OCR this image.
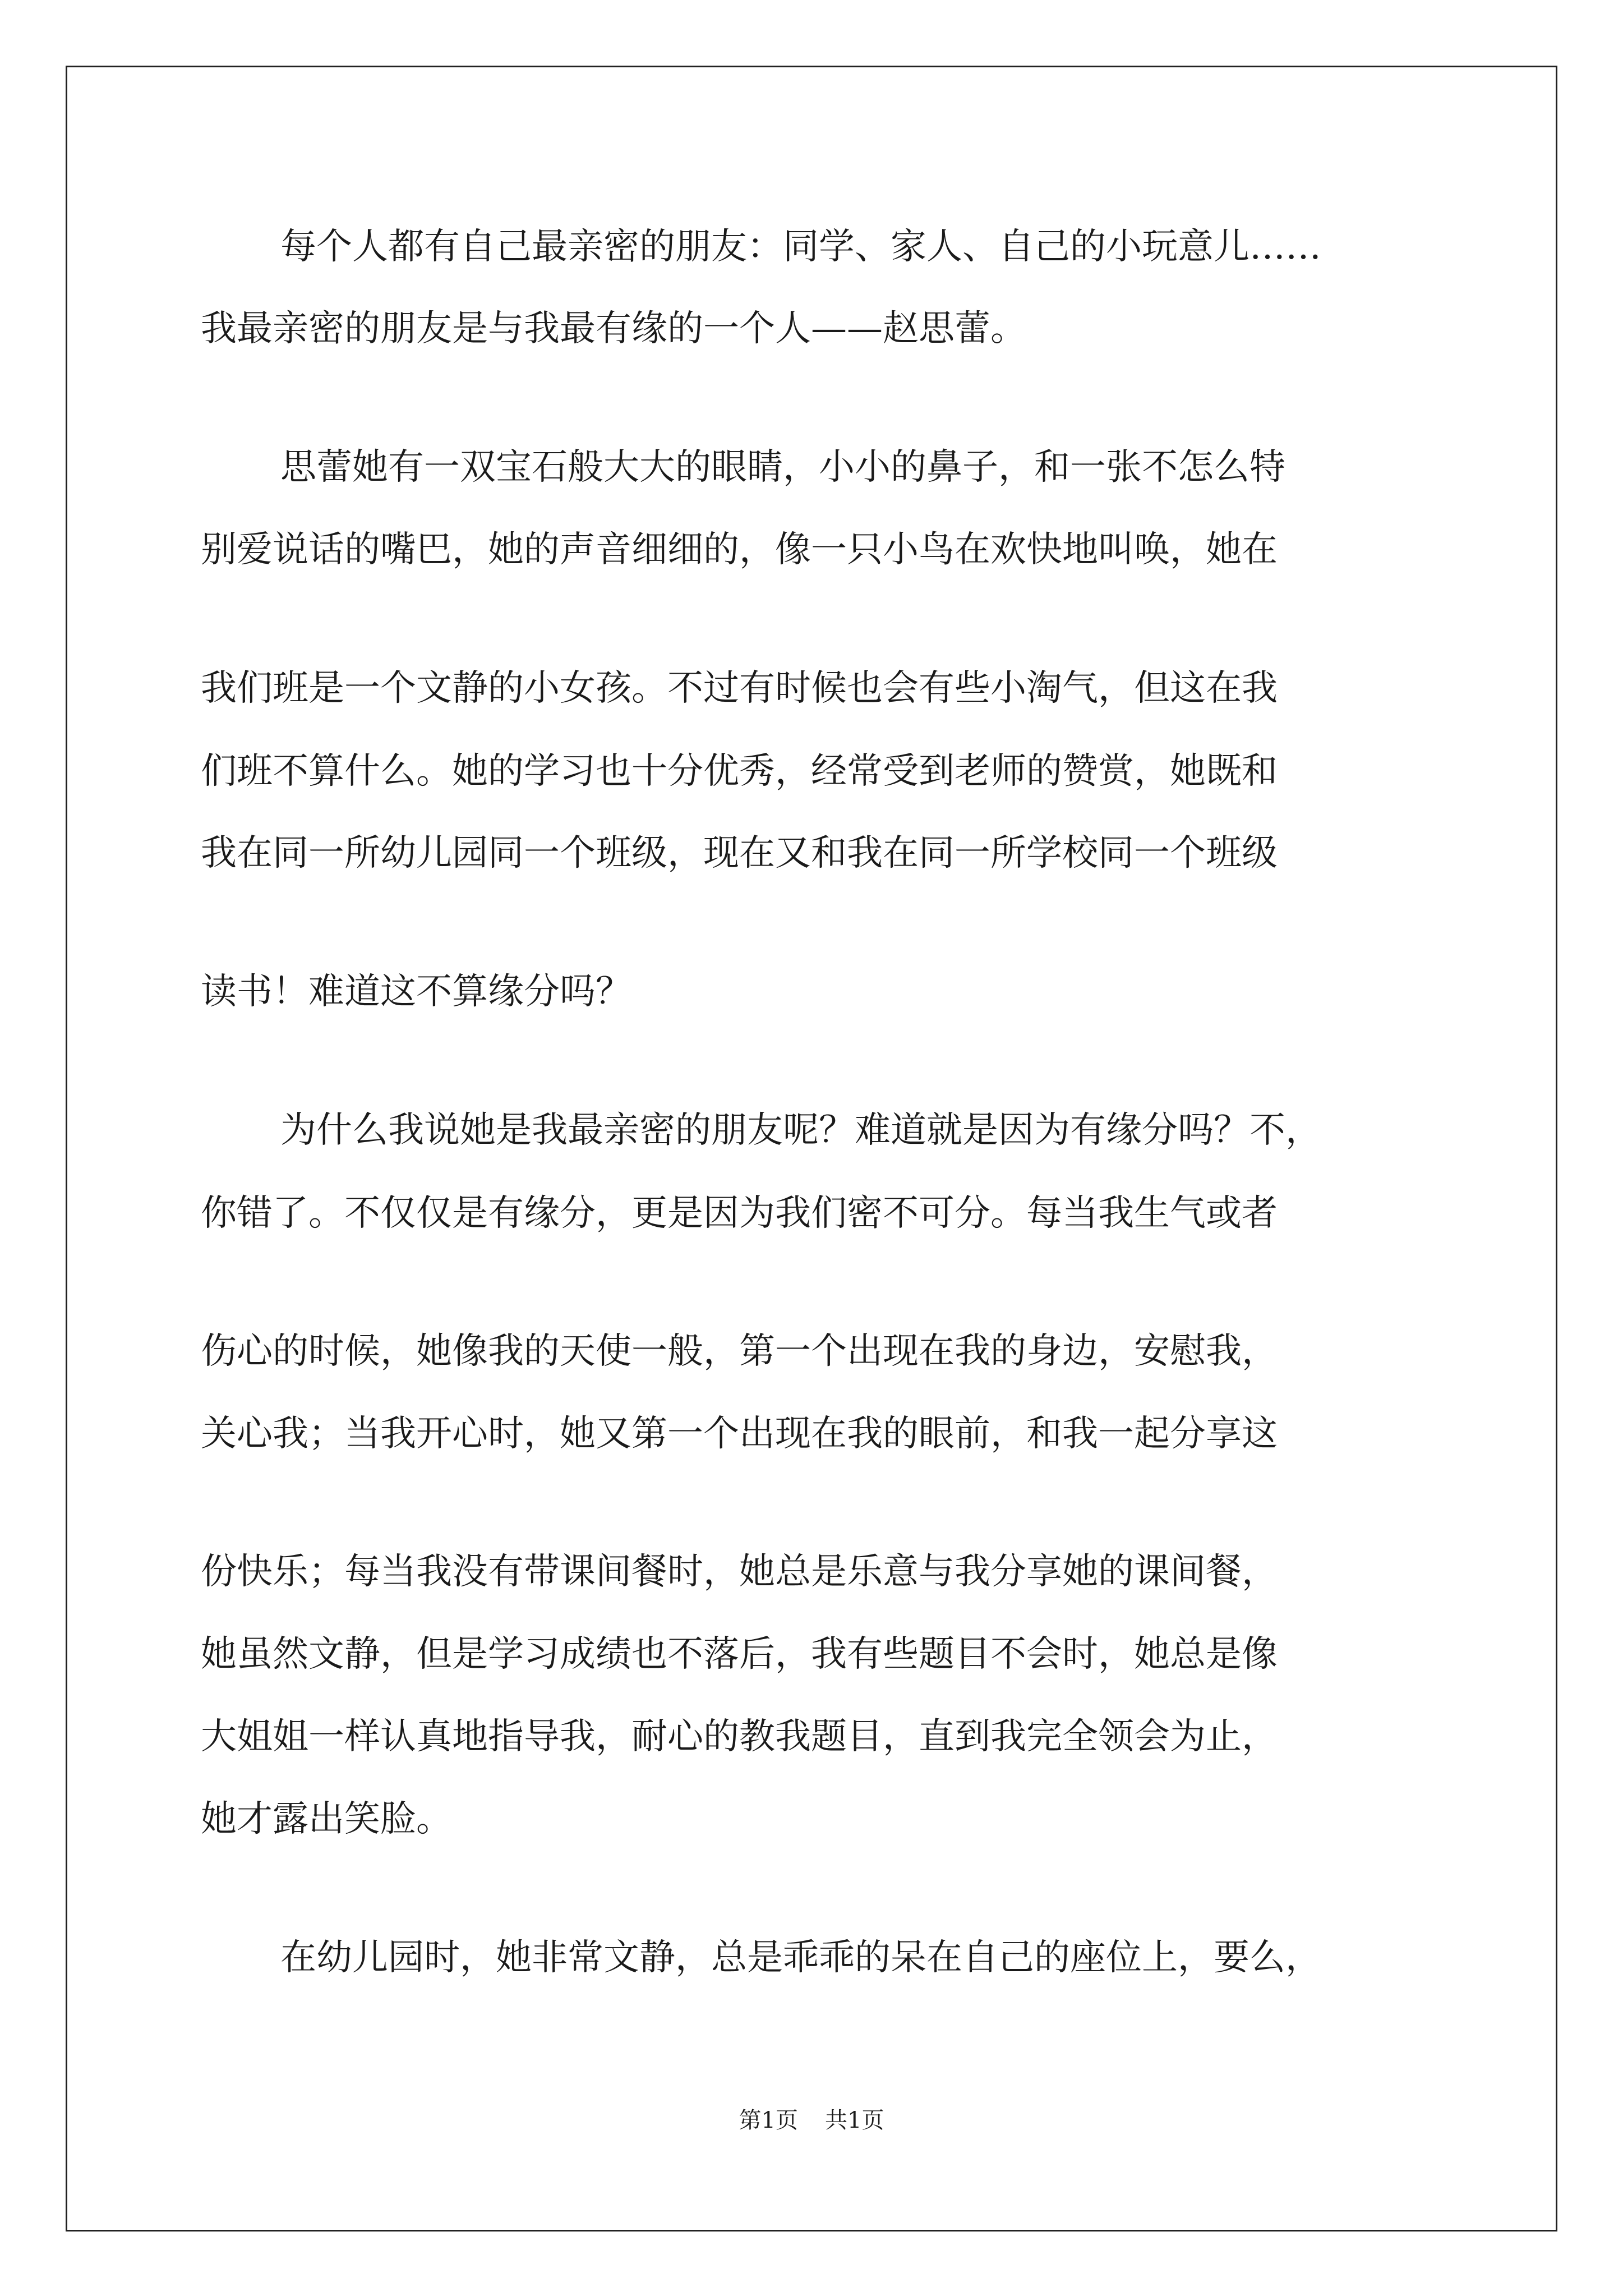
每个人都有自己最亲密的朋友：同学、家人、自己的小玩意儿……
我最亲密的朋友是与我最有缘的一个人——赵思蕾。
思蕾她有一双宝石般大大的眼睛，小小的鼻子，和一张不怎么特
别爱说话的嘴巴，她的声音细细的，像一只小鸟在欢快地叫唤，她在
我们班是一个文静的小女孩。不过有时候也会有些小淘气，但这在我
们班不算什么。她的学习也十分优秀，经常受到老师的赞赏，她既和
我在同一所幼儿园同一个班级，现在又和我在同一所学校同一个班级
读书！难道这不算缘分吗？
为什么我说她是我最亲密的朋友呢？难道就是因为有缘分吗？不，
你错了。不仅仅是有缘分，更是因为我们密不可分。每当我生气或者
伤心的时候，她像我的天使一般，第一个出现在我的身边，安慰我，
关心我；当我开心时，她又第一个出现在我的眼前，和我一起分享这
份快乐；每当我没有带课间餐时，她总是乐意与我分享她的课间餐，
她虽然文静，但是学习成绩也不落后，我有些题目不会时，她总是像
大姐姐一样认真地指导我，耐心的教我题目，直到我完全领会为止，
她才露出笑脸。
在幼儿园时，她非常文静，总是乖乖的呆在自己的座位上，要么，
第1页 共1页
